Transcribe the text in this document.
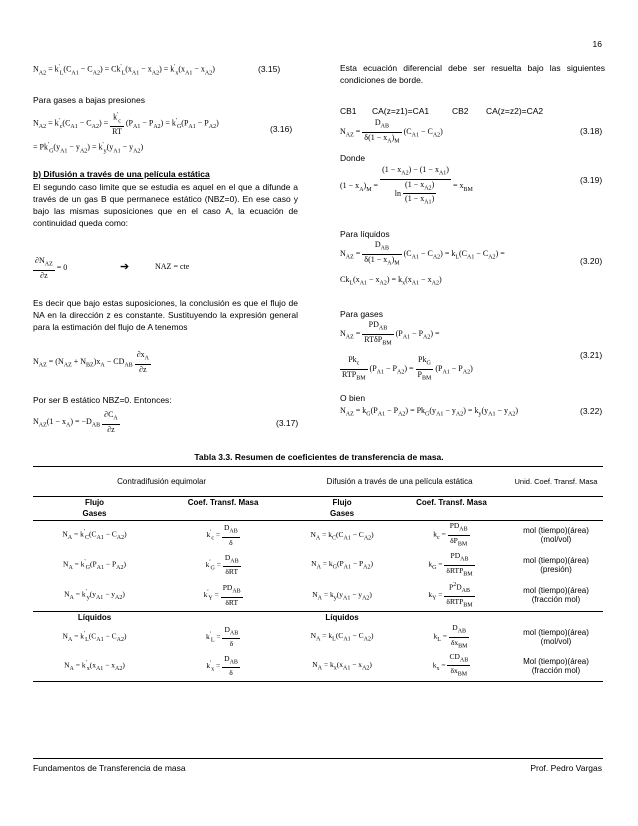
16
$N_{A2} = k'_L(C_{A1} - C_{A2}) = Ck'_L(x_{A1} - x_{A2}) = k'_x(x_{A1} - x_{A2})$	(3.15)
Para gases a bajas presiones
$N_{A2} = k'_c(C_{A1} - C_{A2}) = \frac{k'_c}{RT} (P_{A1} - P_{A2}) = k'_G(P_{A1} - P_{A2})$
(3.16)
= $Pk'_G(y_{A1} - y_{A2}) = k'_y(y_{A1} - y_{A2})$
b) Difusión a través de una película estática
El segundo caso limite que se estudia es aquel en el que a difunde a través de un gas B que permanece estático (NBZ=0). En ese caso y bajo las mismas suposiciones que en el caso A, la ecuación de continuidad queda como:
$\frac{\partial N_{AZ}}{\partial z} = 0$	➔	NAZ = cte
Es decir que bajo estas suposiciones, la conclusión es que el flujo de NA en la dirección z es constante. Sustituyendo la expresión general para la estimación del flujo de A tenemos
$N_{AZ} = (N_{AZ} + N_{BZ})x_A - CD_{AB} \frac{\partial x_A}{\partial z}$
Por ser B estático NBZ=0. Entonces:
$N_{AZ}(1 - x_A) = -D_{AB} \frac{\partial C_A}{\partial z}$	(3.17)
Esta ecuación diferencial debe ser resuelta bajo las siguientes condiciones de borde.
CB1 CA(z=z1)=CA1	CB2 CA(z=z2)=CA2
$N_{AZ} = \frac{D_{AB}}{\delta(1 - x_A)_M} (C_{A1} - C_{A2})$	(3.18)
Donde
$(1 - x_A)_M = \frac{(1 - x_{A2}) - (1 - x_{A1})}{\ln \frac{(1 - x_{A2})}{(1 - x_{A1})}} = x_{BM}$
(3.19)
Para líquidos
$N_{AZ} = \frac{D_{AB}}{\delta(1 - x_A)_M} (C_{A1} - C_{A2}) = k_L(C_{A1} - C_{A2})$ =
(3.20)
$Ck_L(x_{A1} - x_{A2}) = k_x(x_{A1} - x_{A2})$
Para gases
$N_{AZ} = \frac{PD_{AB}}{RT\delta P_{BM}} (P_{A1} - P_{A2})$ =
(3.21)
$\frac{Pk_c}{RTP_{BM}} (P_{A1} - P_{A2}) = \frac{Pk_G}{P_{BM}} (P_{A1} - P_{A2})$
O bien
$N_{AZ} = k_G(P_{A1} - P_{A2}) = Pk_G(y_{A1} - y_{A2}) = k_y(y_{A1} - y_{A2})$	(3.22)
Tabla 3.3. Resumen de coeficientes de transferencia de masa.
Contradifusión equimolar		Difusión a través de una película estática		Unid. Coef. Transf. Masa
Flujo	Coef. Transf. Masa	Flujo	Coef. Transf. Masa	
Gases		Gases		
$N_A = k'_C(C_{A1} - C_{A2})$	$k'_c = \frac{D_{AB}}{\delta}$	$N_A = k_C(C_{A1} - C_{A2})$	$k_c = \frac{PD_{AB}}{\delta P_{BM}}$	mol (tiempo)(área)(mol/vol)
$N_A = k'_G(P_{A1} - P_{A2})$	$k'_G = \frac{D_{AB}}{\text{δRT}}$	$N_A = k_G(P_{A1} - P_{A2})$	$k_G = \frac{PD_{AB}}{\delta RTP_{BM}}$	mol (tiempo)(área)(presión)
$N_A = k'_y(y_{A1} - y_{A2})$	$k'_Y = \frac{PD_{AB}}{\text{δRT}}$	$N_A = k_y(y_{A1} - y_{A2})$	$k_Y = \frac{P^2D_{AB}}{\delta RTP_{BM}}$	mol (tiempo)(área)(fracción mol)
Líquidos		Líquidos		
$N_A = k'_L(C_{A1} - C_{A2})$	$k'_L = \frac{D_{AB}}{\delta}$	$N_A = k_L(C_{A1} - C_{A2})$	$k_L = \frac{D_{AB}}{\delta x_{BM}}$	mol (tiempo)(área)(mol/vol)
$N_A = k'_x(x_{A1} - x_{A2})$	$k'_x = \frac{D_{AB}}{\delta}$	$N_A = k_x(x_{A1} - x_{A2})$	$k_x = \frac{CD_{AB}}{\delta x_{BM}}$	Mol (tiempo)(área)(fracción mol)
Fundamentos de Transferencia de masa	Prof. Pedro Vargas
